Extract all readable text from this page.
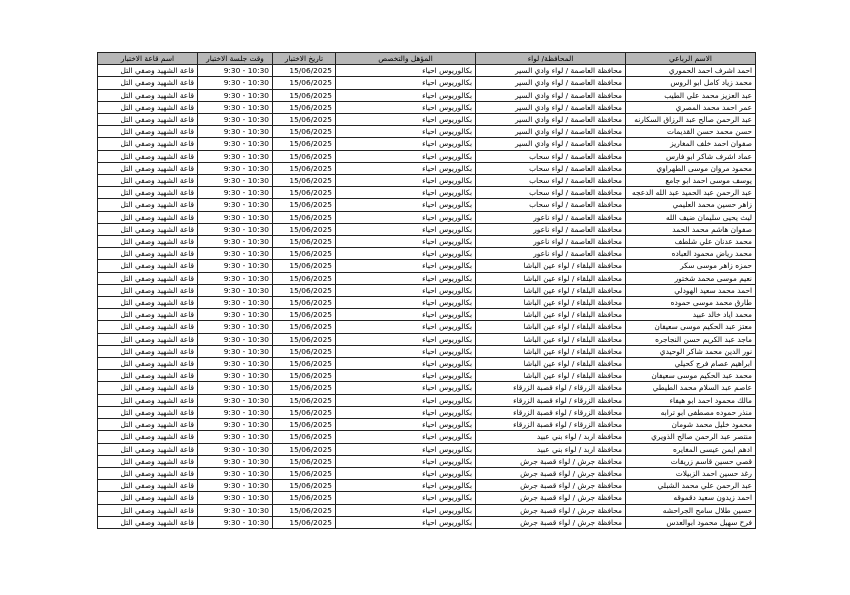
الاسم الرباعي	المحافظة/ لواء	المؤهل والتخصص	تاريخ الاختبار	وقت جلسة الاختبار	اسم قاعة الاختبار
احمد اشرف احمد الحموري	محافظة العاصمة / لواء وادي السير	بكالوريوس احياء	15/06/2025	9:30 - 10:30	قاعة الشهيد وصفي التل
محمد زياد كامل ابو الروس	محافظة العاصمة / لواء وادي السير	بكالوريوس احياء	15/06/2025	9:30 - 10:30	قاعة الشهيد وصفي التل
عبد العزيز محمد علي الطيب	محافظة العاصمة / لواء وادي السير	بكالوريوس احياء	15/06/2025	9:30 - 10:30	قاعة الشهيد وصفي التل
عمر احمد محمد المصري	محافظة العاصمة / لواء وادي السير	بكالوريوس احياء	15/06/2025	9:30 - 10:30	قاعة الشهيد وصفي التل
عبد الرحمن صالح عبد الرزاق السكارنه	محافظة العاصمة / لواء وادي السير	بكالوريوس احياء	15/06/2025	9:30 - 10:30	قاعة الشهيد وصفي التل
حسن محمد حسن القديمات	محافظة العاصمة / لواء وادي السير	بكالوريوس احياء	15/06/2025	9:30 - 10:30	قاعة الشهيد وصفي التل
صفوان احمد خلف المغاريز	محافظة العاصمة / لواء وادي السير	بكالوريوس احياء	15/06/2025	9:30 - 10:30	قاعة الشهيد وصفي التل
عماد اشرف شاكر ابو فارس	محافظة العاصمة / لواء سحاب	بكالوريوس احياء	15/06/2025	9:30 - 10:30	قاعة الشهيد وصفي التل
محمود مروان موسى الطهراوي	محافظة العاصمة / لواء سحاب	بكالوريوس احياء	15/06/2025	9:30 - 10:30	قاعة الشهيد وصفي التل
يوسف موسى احمد ابو جامع	محافظة العاصمة / لواء سحاب	بكالوريوس احياء	15/06/2025	9:30 - 10:30	قاعة الشهيد وصفي التل
عبد الرحمن عبد الحميد عبد الله الدعجه	محافظة العاصمة / لواء سحاب	بكالوريوس احياء	15/06/2025	9:30 - 10:30	قاعة الشهيد وصفي التل
زاهر حسين محمد العليمي	محافظة العاصمة / لواء سحاب	بكالوريوس احياء	15/06/2025	9:30 - 10:30	قاعة الشهيد وصفي التل
ليث يحيى سليمان ضيف الله	محافظة العاصمة / لواء ناعور	بكالوريوس احياء	15/06/2025	9:30 - 10:30	قاعة الشهيد وصفي التل
صفوان هاشم محمد الحمد	محافظة العاصمة / لواء ناعور	بكالوريوس احياء	15/06/2025	9:30 - 10:30	قاعة الشهيد وصفي التل
محمد عدنان علي شلطف	محافظة العاصمة / لواء ناعور	بكالوريوس احياء	15/06/2025	9:30 - 10:30	قاعة الشهيد وصفي التل
محمد رياض محمود العباده	محافظة العاصمة / لواء ناعور	بكالوريوس احياء	15/06/2025	9:30 - 10:30	قاعة الشهيد وصفي التل
حمزه زاهر موسى سكر	محافظة البلقاء / لواء عين الباشا	بكالوريوس احياء	15/06/2025	9:30 - 10:30	قاعة الشهيد وصفي التل
نعيم موسى محمد شختور	محافظة البلقاء / لواء عين الباشا	بكالوريوس احياء	15/06/2025	9:30 - 10:30	قاعة الشهيد وصفي التل
احمد محمد سعيد الهودلي	محافظة البلقاء / لواء عين الباشا	بكالوريوس احياء	15/06/2025	9:30 - 10:30	قاعة الشهيد وصفي التل
طارق محمد موسى حموده	محافظة البلقاء / لواء عين الباشا	بكالوريوس احياء	15/06/2025	9:30 - 10:30	قاعة الشهيد وصفي التل
محمد اياد خالد عبيد	محافظة البلقاء / لواء عين الباشا	بكالوريوس احياء	15/06/2025	9:30 - 10:30	قاعة الشهيد وصفي التل
معتز عبد الحكيم موسى سعيفان	محافظة البلقاء / لواء عين الباشا	بكالوريوس احياء	15/06/2025	9:30 - 10:30	قاعة الشهيد وصفي التل
ماجد عبد الكريم حسن النجاجره	محافظة البلقاء / لواء عين الباشا	بكالوريوس احياء	15/06/2025	9:30 - 10:30	قاعة الشهيد وصفي التل
نور الدين محمد شاكر الوحيدي	محافظة البلقاء / لواء عين الباشا	بكالوريوس احياء	15/06/2025	9:30 - 10:30	قاعة الشهيد وصفي التل
ابراهيم عصام فرج كحيلي	محافظة البلقاء / لواء عين الباشا	بكالوريوس احياء	15/06/2025	9:30 - 10:30	قاعة الشهيد وصفي التل
محمد عبد الحكيم موسى سعيفان	محافظة البلقاء / لواء عين الباشا	بكالوريوس احياء	15/06/2025	9:30 - 10:30	قاعة الشهيد وصفي التل
عاصم عبد السلام محمد الطيطي	محافظة الزرقاء / لواء قصبة الزرقاء	بكالوريوس احياء	15/06/2025	9:30 - 10:30	قاعة الشهيد وصفي التل
مالك محمود احمد ابو هيفاء	محافظة الزرقاء / لواء قصبة الزرقاء	بكالوريوس احياء	15/06/2025	9:30 - 10:30	قاعة الشهيد وصفي التل
منذر حموده مصطفى ابو ترابه	محافظة الزرقاء / لواء قصبة الزرقاء	بكالوريوس احياء	15/06/2025	9:30 - 10:30	قاعة الشهيد وصفي التل
محمود خليل محمد شومان	محافظة الزرقاء / لواء قصبة الزرقاء	بكالوريوس احياء	15/06/2025	9:30 - 10:30	قاعة الشهيد وصفي التل
منتصر عبد الرحمن صالح الذويري	محافظة اربد / لواء بني عبيد	بكالوريوس احياء	15/06/2025	9:30 - 10:30	قاعة الشهيد وصفي التل
ادهم ايمن عيسى المغايره	محافظة اربد / لواء بني عبيد	بكالوريوس احياء	15/06/2025	9:30 - 10:30	قاعة الشهيد وصفي التل
قصي حسين قاسم زريقات	محافظة جرش / لواء قصبة جرش	بكالوريوس احياء	15/06/2025	9:30 - 10:30	قاعة الشهيد وصفي التل
رغد حسين احمد الزبيلات	محافظة جرش / لواء قصبة جرش	بكالوريوس احياء	15/06/2025	9:30 - 10:30	قاعة الشهيد وصفي التل
عبد الرحمن علي محمد الشبلي	محافظة جرش / لواء قصبة جرش	بكالوريوس احياء	15/06/2025	9:30 - 10:30	قاعة الشهيد وصفي التل
احمد زيدون سعيد دقموقه	محافظة جرش / لواء قصبة جرش	بكالوريوس احياء	15/06/2025	9:30 - 10:30	قاعة الشهيد وصفي التل
حسين طلال سامح الجراحشه	محافظة جرش / لواء قصبة جرش	بكالوريوس احياء	15/06/2025	9:30 - 10:30	قاعة الشهيد وصفي التل
فرح سهيل محمود ابوالعدس	محافظة جرش / لواء قصبة جرش	بكالوريوس احياء	15/06/2025	9:30 - 10:30	قاعة الشهيد وصفي التل
